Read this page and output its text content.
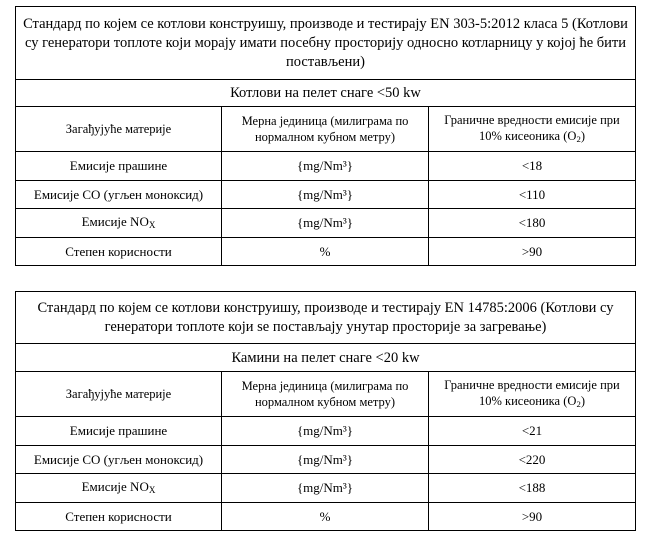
Стандард по којем се котлови конструишу, производе и тестирају EN 303-5:2012 класа 5 (Котлови су генератори топлоте који морају имати посебну просторију односно котларницу у којој ће бити постављени)		
Котлови на пелет снаге <50 kw		
Загађујуће материје	Мерна јединица (милиграма по нормалном кубном метру)	Граничне вредности емисије при 10% кисеоника $(O_2)$
Емисије прашине	{mg/Nm³}	<18
Емисије CO (угљен моноксид)	{mg/Nm³}	<110
Емисије $NO_X$	{mg/Nm³}	<180
Степен корисности	%	>90
Стандард по којем се котлови конструишу, производе и тестирају EN 14785:2006 (Котлови су генератори топлоте који se постављају унутар просторије за загревање)		
Камини на пелет снаге <20 kw		
Загађујуће материје	Мерна јединица (милиграма по нормалном кубном метру)	Граничне вредности емисије при 10% кисеоника $(O_2)$
Емисије прашине	{mg/Nm³}	<21
Емисије CO (угљен моноксид)	{mg/Nm³}	<220
Емисије $NO_X$	{mg/Nm³}	<188
Степен корисности	%	>90
